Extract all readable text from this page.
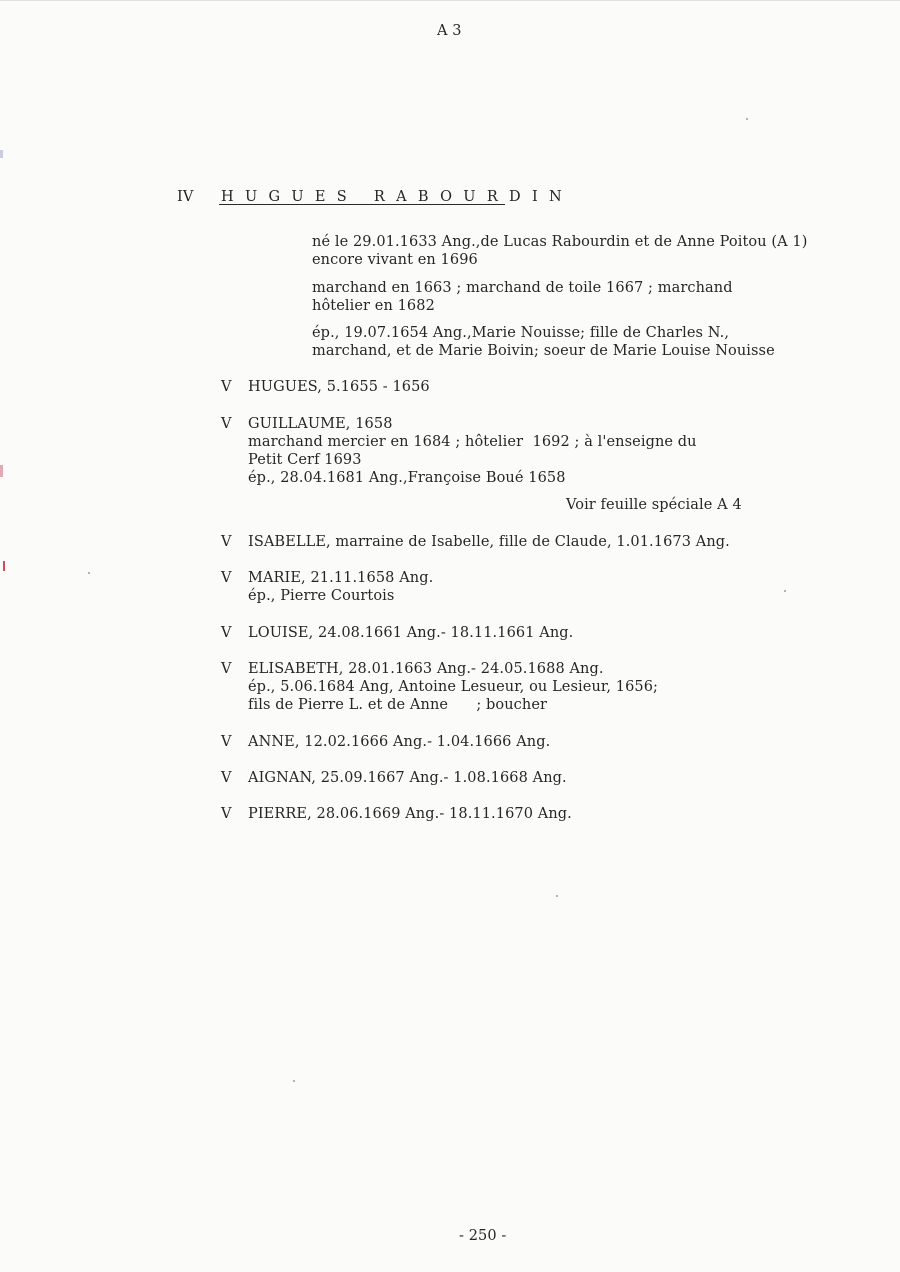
A 3
IV HUGUES RABOURDIN
né le 29.01.1633 Ang.,de Lucas Rabourdin et de Anne Poitou (A 1)
encore vivant en 1696
marchand en 1663 ; marchand de toile 1667 ; marchand
hôtelier en 1682
ép., 19.07.1654 Ang.,Marie Nouisse; fille de Charles N.,
marchand, et de Marie Boivin; soeur de Marie Louise Nouisse
V HUGUES, 5.1655 - 1656
V GUILLAUME, 1658
marchand mercier en 1684 ; hôtelier  1692 ; à l'enseigne du
Petit Cerf 1693
ép., 28.04.1681 Ang.,Françoise Boué 1658
Voir feuille spéciale A 4
V ISABELLE, marraine de Isabelle, fille de Claude, 1.01.1673 Ang.
V MARIE, 21.11.1658 Ang.
ép., Pierre Courtois
V LOUISE, 24.08.1661 Ang.- 18.11.1661 Ang.
V ELISABETH, 28.01.1663 Ang.- 24.05.1688 Ang.
ép., 5.06.1684 Ang, Antoine Lesueur, ou Lesieur, 1656;
fils de Pierre L. et de Anne      ; boucher
V ANNE, 12.02.1666 Ang.- 1.04.1666 Ang.
V AIGNAN, 25.09.1667 Ang.- 1.08.1668 Ang.
V PIERRE, 28.06.1669 Ang.- 18.11.1670 Ang.
- 250 -
